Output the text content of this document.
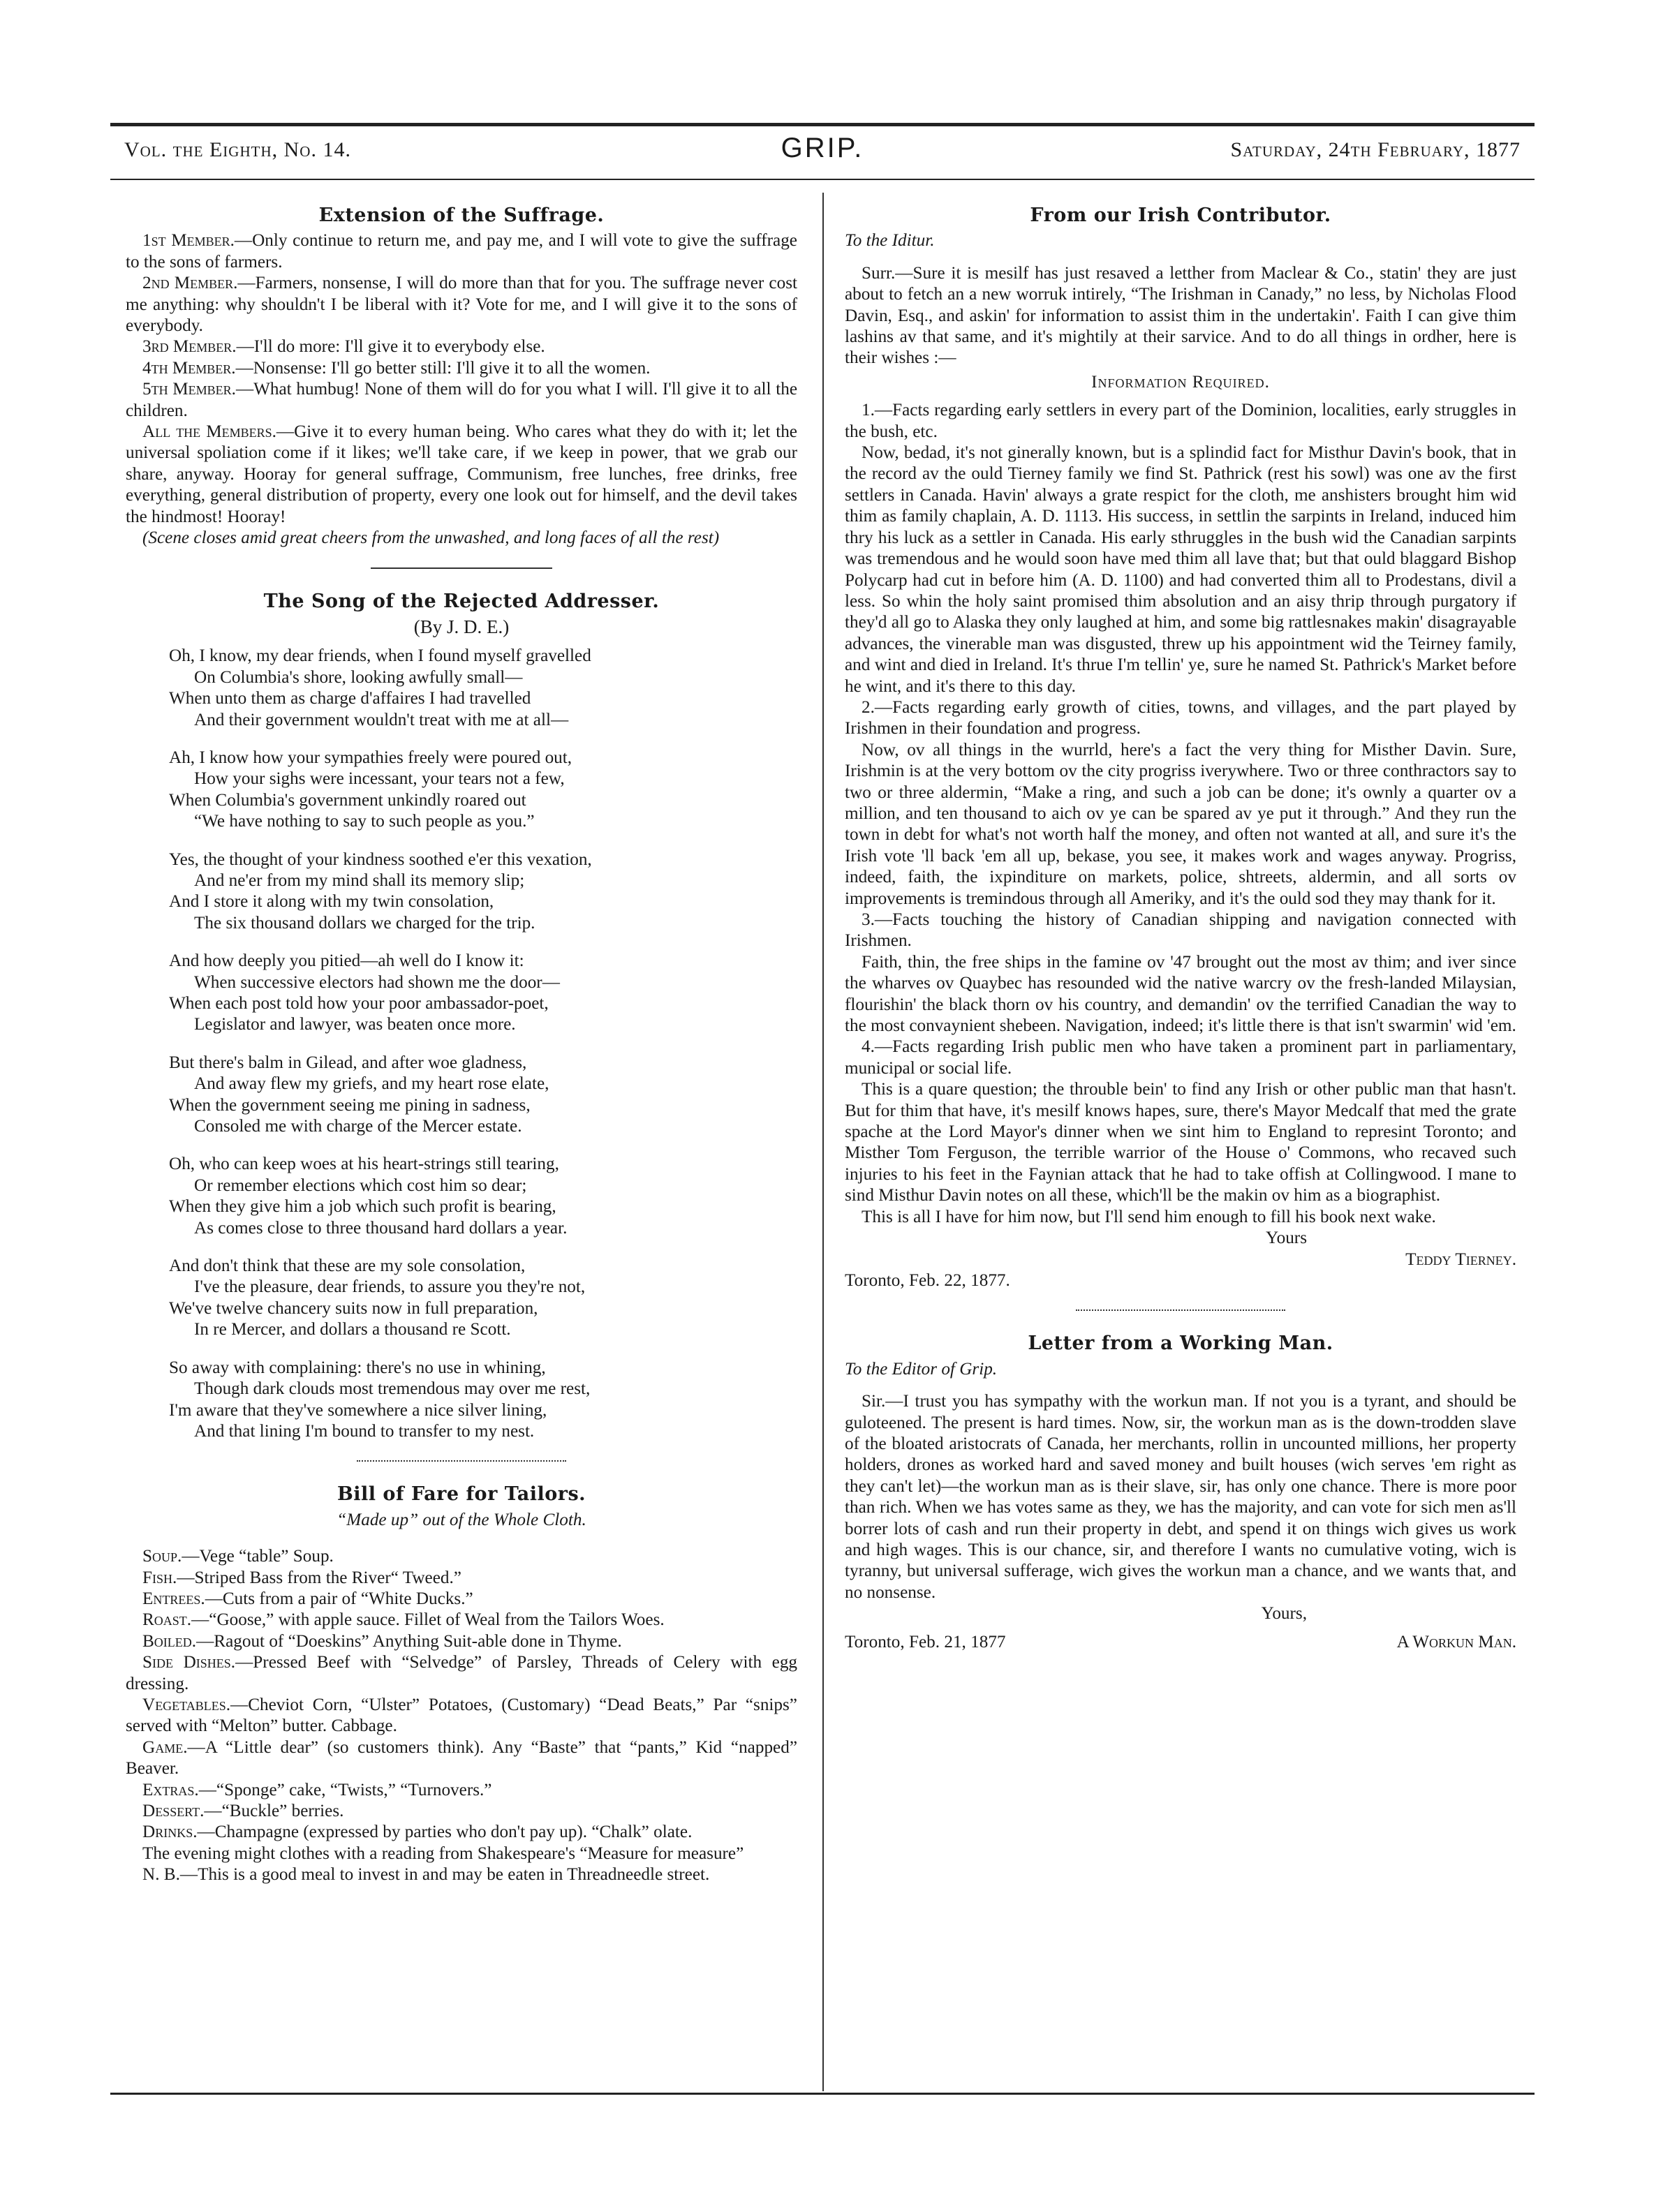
Vol. the Eighth, No. 14.	GRIP.	Saturday, 24th February, 1877
Extension of the Suffrage.

1st Member.—Only continue to return me, and pay me, and I will vote to give the suffrage to the sons of farmers.

2nd Member.—Farmers, nonsense, I will do more than that for you. The suffrage never cost me anything: why shouldn't I be liberal with it? Vote for me, and I will give it to the sons of everybody.

3rd Member.—I'll do more: I'll give it to everybody else.

4th Member.—Nonsense: I'll go better still: I'll give it to all the women.

5th Member.—What humbug! None of them will do for you what I will. I'll give it to all the children.

All the Members.—Give it to every human being. Who cares what they do with it; let the universal spoliation come if it likes; we'll take care, if we keep in power, that we grab our share, anyway. Hooray for general suffrage, Communism, free lunches, free drinks, free everything, general distribution of property, every one look out for himself, and the devil takes the hindmost! Hooray!

(Scene closes amid great cheers from the unwashed, and long faces of all the rest)

The Song of the Rejected Addresser.
(By J. D. E.)
Oh, I know, my dear friends, when I found myself gravelled
On Columbia's shore, looking awfully small—
When unto them as charge d'affaires I had travelled
And their government wouldn't treat with me at all—
Ah, I know how your sympathies freely were poured out,
How your sighs were incessant, your tears not a few,
When Columbia's government unkindly roared out
“We have nothing to say to such people as you.”
Yes, the thought of your kindness soothed e'er this vexation,
And ne'er from my mind shall its memory slip;
And I store it along with my twin consolation,
The six thousand dollars we charged for the trip.
And how deeply you pitied—ah well do I know it:
When successive electors had shown me the door—
When each post told how your poor ambassador-poet,
Legislator and lawyer, was beaten once more.
But there's balm in Gilead, and after woe gladness,
And away flew my griefs, and my heart rose elate,
When the government seeing me pining in sadness,
Consoled me with charge of the Mercer estate.
Oh, who can keep woes at his heart-strings still tearing,
Or remember elections which cost him so dear;
When they give him a job which such profit is bearing,
As comes close to three thousand hard dollars a year.
And don't think that these are my sole consolation,
I've the pleasure, dear friends, to assure you they're not,
We've twelve chancery suits now in full preparation,
In re Mercer, and dollars a thousand re Scott.
So away with complaining: there's no use in whining,
Though dark clouds most tremendous may over me rest,
I'm aware that they've somewhere a nice silver lining,
And that lining I'm bound to transfer to my nest.
Bill of Fare for Tailors.
“Made up” out of the Whole Cloth.

Soup.—Vege “table” Soup.

Fish.—Striped Bass from the River“ Tweed.”

Entrees.—Cuts from a pair of “White Ducks.”

Roast.—“Goose,” with apple sauce. Fillet of Weal from the Tailors Woes.

Boiled.—Ragout of “Doeskins” Anything Suit-able done in Thyme.

Side Dishes.—Pressed Beef with “Selvedge” of Parsley, Threads of Celery with egg dressing.

Vegetables.—Cheviot Corn, “Ulster” Potatoes, (Customary) “Dead Beats,” Par “snips” served with “Melton” butter. Cabbage.

Game.—A “Little dear” (so customers think). Any “Baste” that “pants,” Kid “napped” Beaver.

Extras.—“Sponge” cake, “Twists,” “Turnovers.”

Dessert.—“Buckle” berries.

Drinks.—Champagne (expressed by parties who don't pay up). “Chalk” olate.

The evening might clothes with a reading from Shakespeare's “Measure for measure”

N. B.—This is a good meal to invest in and may be eaten in Threadneedle street.

From our Irish Contributor.
To the Iditur.

Surr.—Sure it is mesilf has just resaved a letther from Maclear & Co., statin' they are just about to fetch an a new worruk intirely, “The Irishman in Canady,” no less, by Nicholas Flood Davin, Esq., and askin' for information to assist thim in the undertakin'. Faith I can give thim lashins av that same, and it's mightily at their sarvice. And to do all things in ordher, here is their wishes :—

Information Required.

1.—Facts regarding early settlers in every part of the Dominion, localities, early struggles in the bush, etc.

Now, bedad, it's not ginerally known, but is a splindid fact for Misthur Davin's book, that in the record av the ould Tierney family we find St. Pathrick (rest his sowl) was one av the first settlers in Canada. Havin' always a grate respict for the cloth, me anshisters brought him wid thim as family chaplain, A. D. 1113. His success, in settlin the sarpints in Ireland, induced him thry his luck as a settler in Canada. His early sthruggles in the bush wid the Canadian sarpints was tremendous and he would soon have med thim all lave that; but that ould blaggard Bishop Polycarp had cut in before him (A. D. 1100) and had converted thim all to Prodestans, divil a less. So whin the holy saint promised thim absolution and an aisy thrip through purgatory if they'd all go to Alaska they only laughed at him, and some big rattlesnakes makin' disagrayable advances, the vinerable man was disgusted, threw up his appointment wid the Teirney family, and wint and died in Ireland. It's thrue I'm tellin' ye, sure he named St. Pathrick's Market before he wint, and it's there to this day.

2.—Facts regarding early growth of cities, towns, and villages, and the part played by Irishmen in their foundation and progress.

Now, ov all things in the wurrld, here's a fact the very thing for Misther Davin. Sure, Irishmin is at the very bottom ov the city progriss iverywhere. Two or three conthractors say to two or three aldermin, “Make a ring, and such a job can be done; it's ownly a quarter ov a million, and ten thousand to aich ov ye can be spared av ye put it through.” And they run the town in debt for what's not worth half the money, and often not wanted at all, and sure it's the Irish vote 'll back 'em all up, bekase, you see, it makes work and wages anyway. Progriss, indeed, faith, the ixpinditure on markets, police, shtreets, aldermin, and all sorts ov improvements is tremindous through all Ameriky, and it's the ould sod they may thank for it.

3.—Facts touching the history of Canadian shipping and navigation connected with Irishmen.

Faith, thin, the free ships in the famine ov '47 brought out the most av thim; and iver since the wharves ov Quaybec has resounded wid the native warcry ov the fresh-landed Milaysian, flourishin' the black thorn ov his country, and demandin' ov the terrified Canadian the way to the most convaynient shebeen. Navigation, indeed; it's little there is that isn't swarmin' wid 'em.

4.—Facts regarding Irish public men who have taken a prominent part in parliamentary, municipal or social life.

This is a quare question; the throuble bein' to find any Irish or other public man that hasn't. But for thim that have, it's mesilf knows hapes, sure, there's Mayor Medcalf that med the grate spache at the Lord Mayor's dinner when we sint him to England to represint Toronto; and Misther Tom Ferguson, the terrible warrior of the House o' Commons, who recaved such injuries to his feet in the Faynian attack that he had to take offish at Collingwood. I mane to sind Misthur Davin notes on all these, which'll be the makin ov him as a biographist.

This is all I have for him now, but I'll send him enough to fill his book next wake.

Yours
Teddy Tierney.

Toronto, Feb. 22, 1877.

Letter from a Working Man.
To the Editor of Grip.

Sir.—I trust you has sympathy with the workun man. If not you is a tyrant, and should be guloteened. The present is hard times. Now, sir, the workun man as is the down-trodden slave of the bloated aristocrats of Canada, her merchants, rollin in uncounted millions, her property holders, drones as worked hard and saved money and built houses (wich serves 'em right as they can't let)—the workun man as is their slave, sir, has only one chance. There is more poor than rich. When we has votes same as they, we has the majority, and can vote for sich men as'll borrer lots of cash and run their property in debt, and spend it on things wich gives us work and high wages. This is our chance, sir, and therefore I wants no cumulative voting, wich is tyranny, but universal sufferage, wich gives the workun man a chance, and we wants that, and no nonsense.

Yours,
Toronto, Feb. 21, 1877	A Workun Man.
